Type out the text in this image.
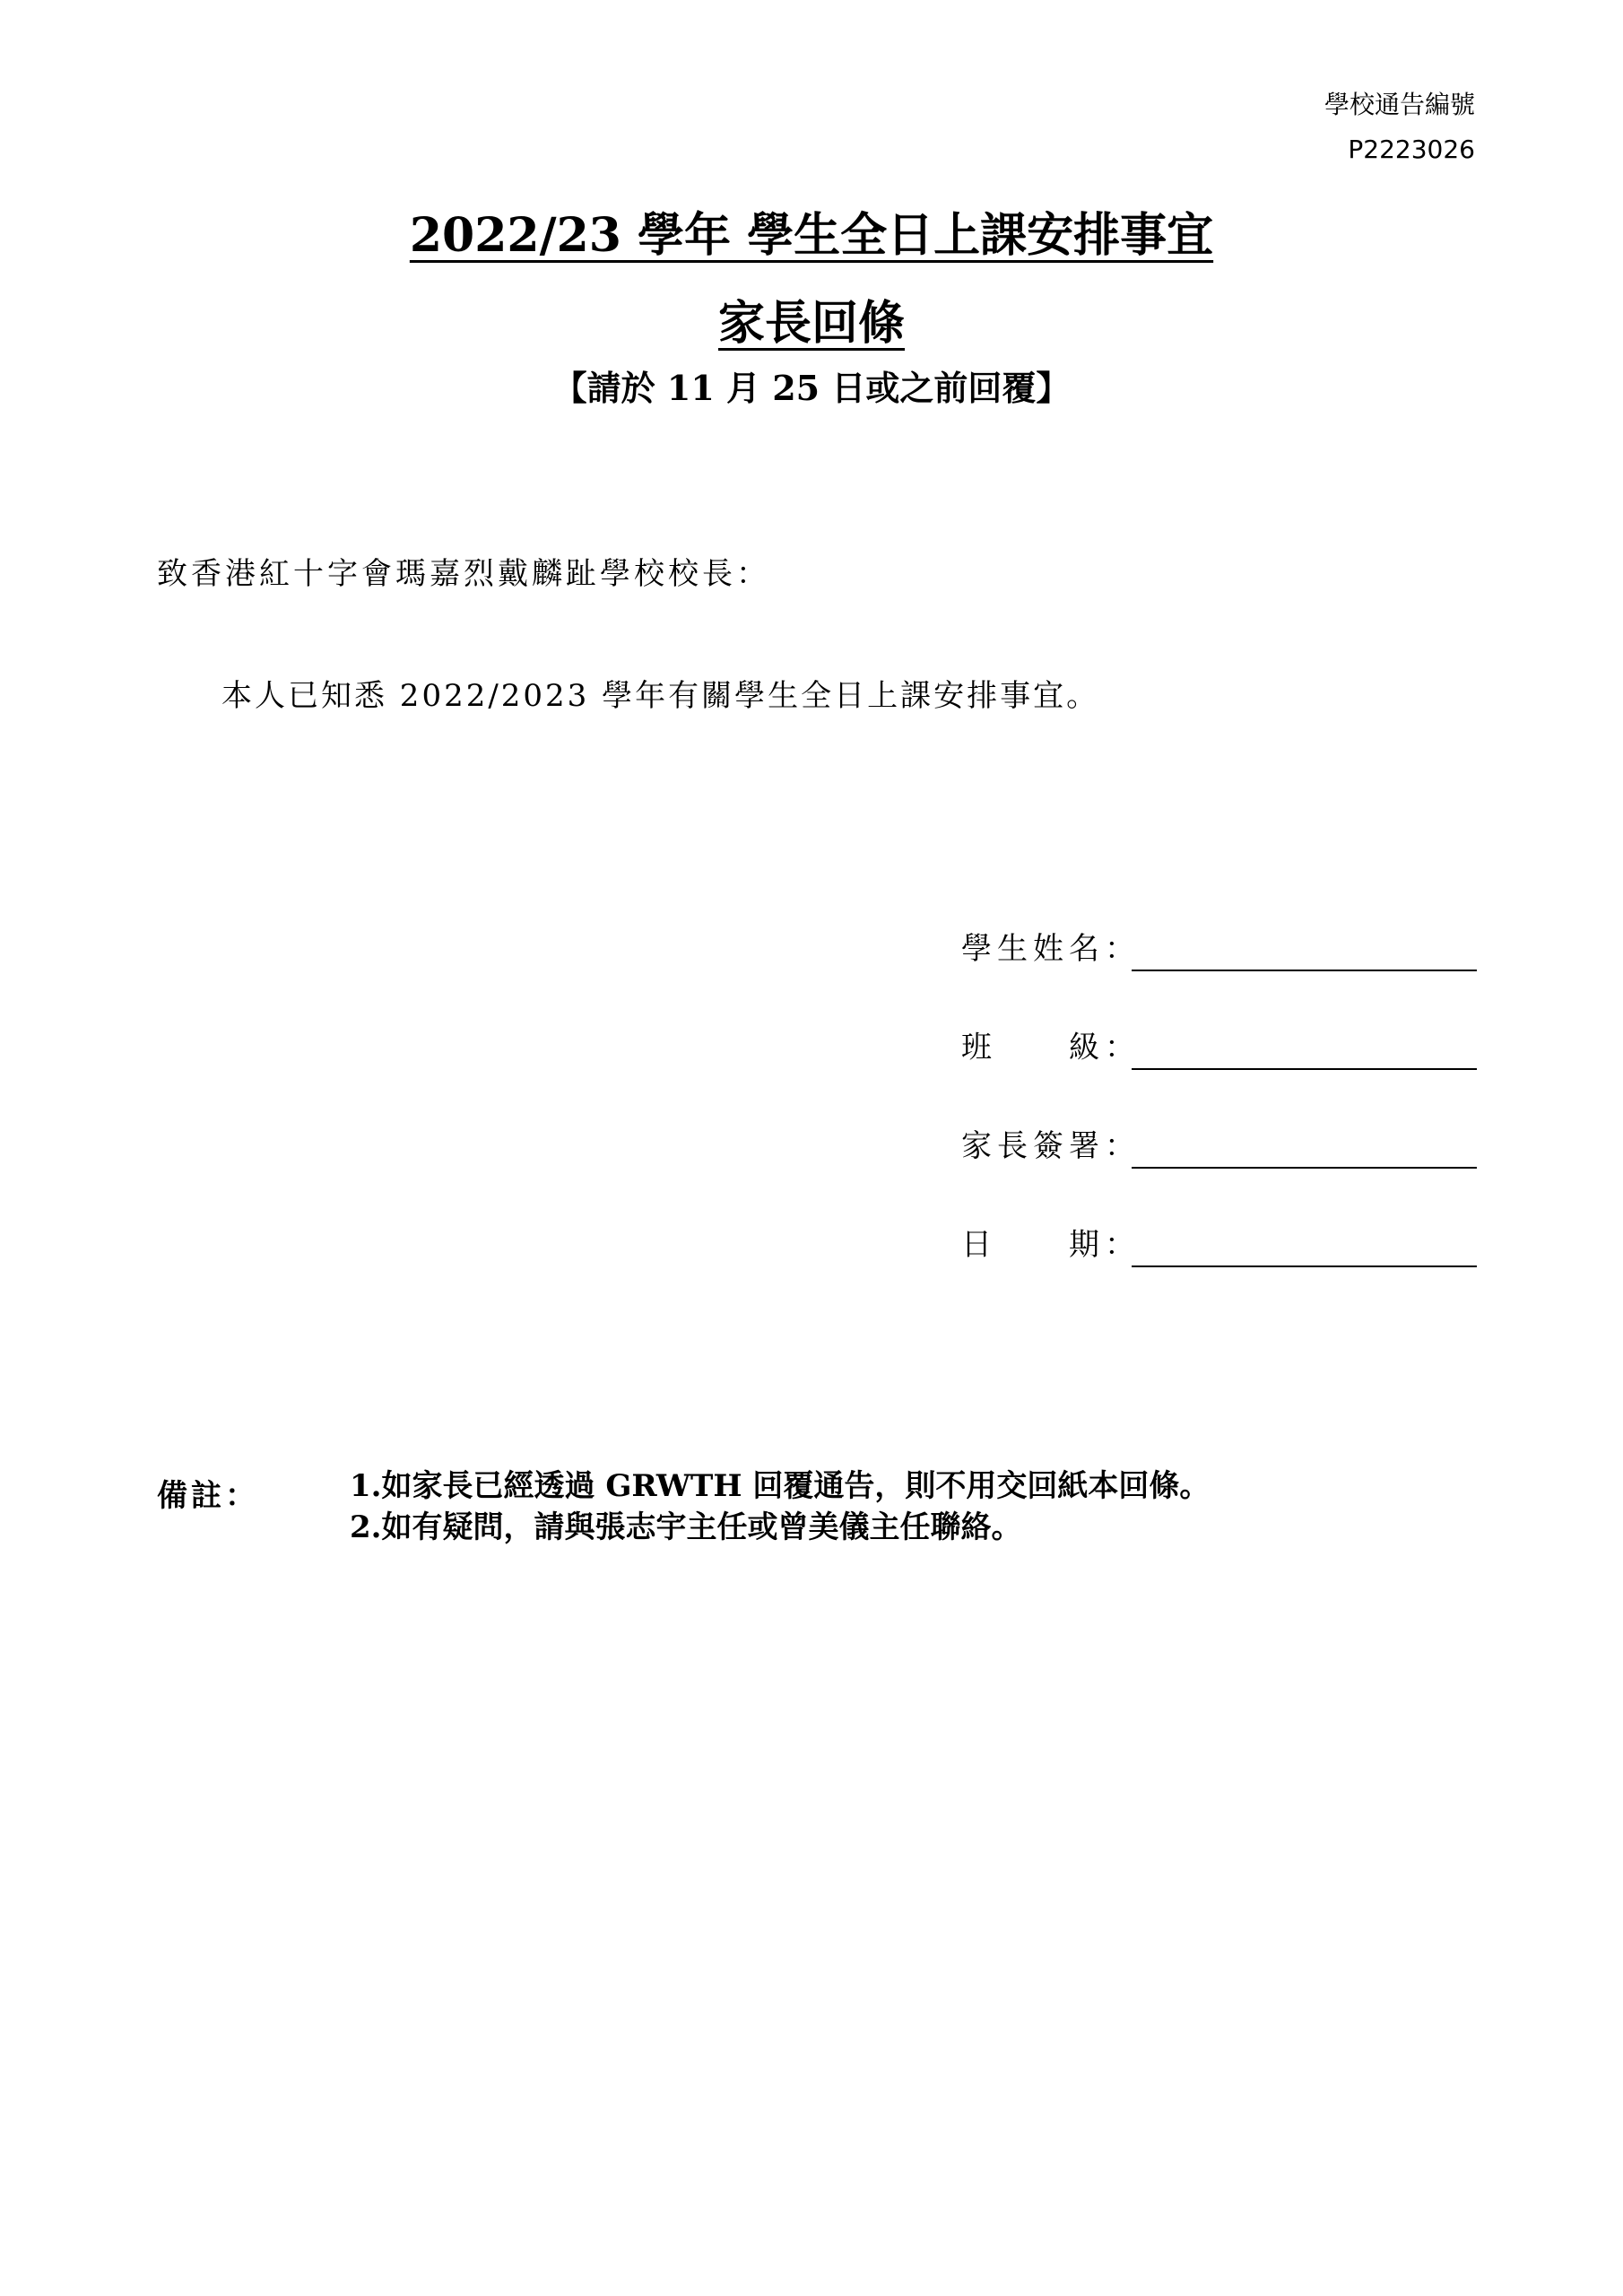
學校通告編號
P2223026
2022/23 學年 學生全日上課安排事宜
家長回條
【請於 11 月 25 日或之前回覆】
致香港紅十字會瑪嘉烈戴麟趾學校校長：
本人已知悉 2022/2023 學年有關學生全日上課安排事宜。
學生姓名 ：
班級 ：
家長簽署 ：
日期 ：
備註：	1.如家長已經透過 GRWTH 回覆通告，則不用交回紙本回條。
2.如有疑問，請與張志宇主任或曾美儀主任聯絡。
